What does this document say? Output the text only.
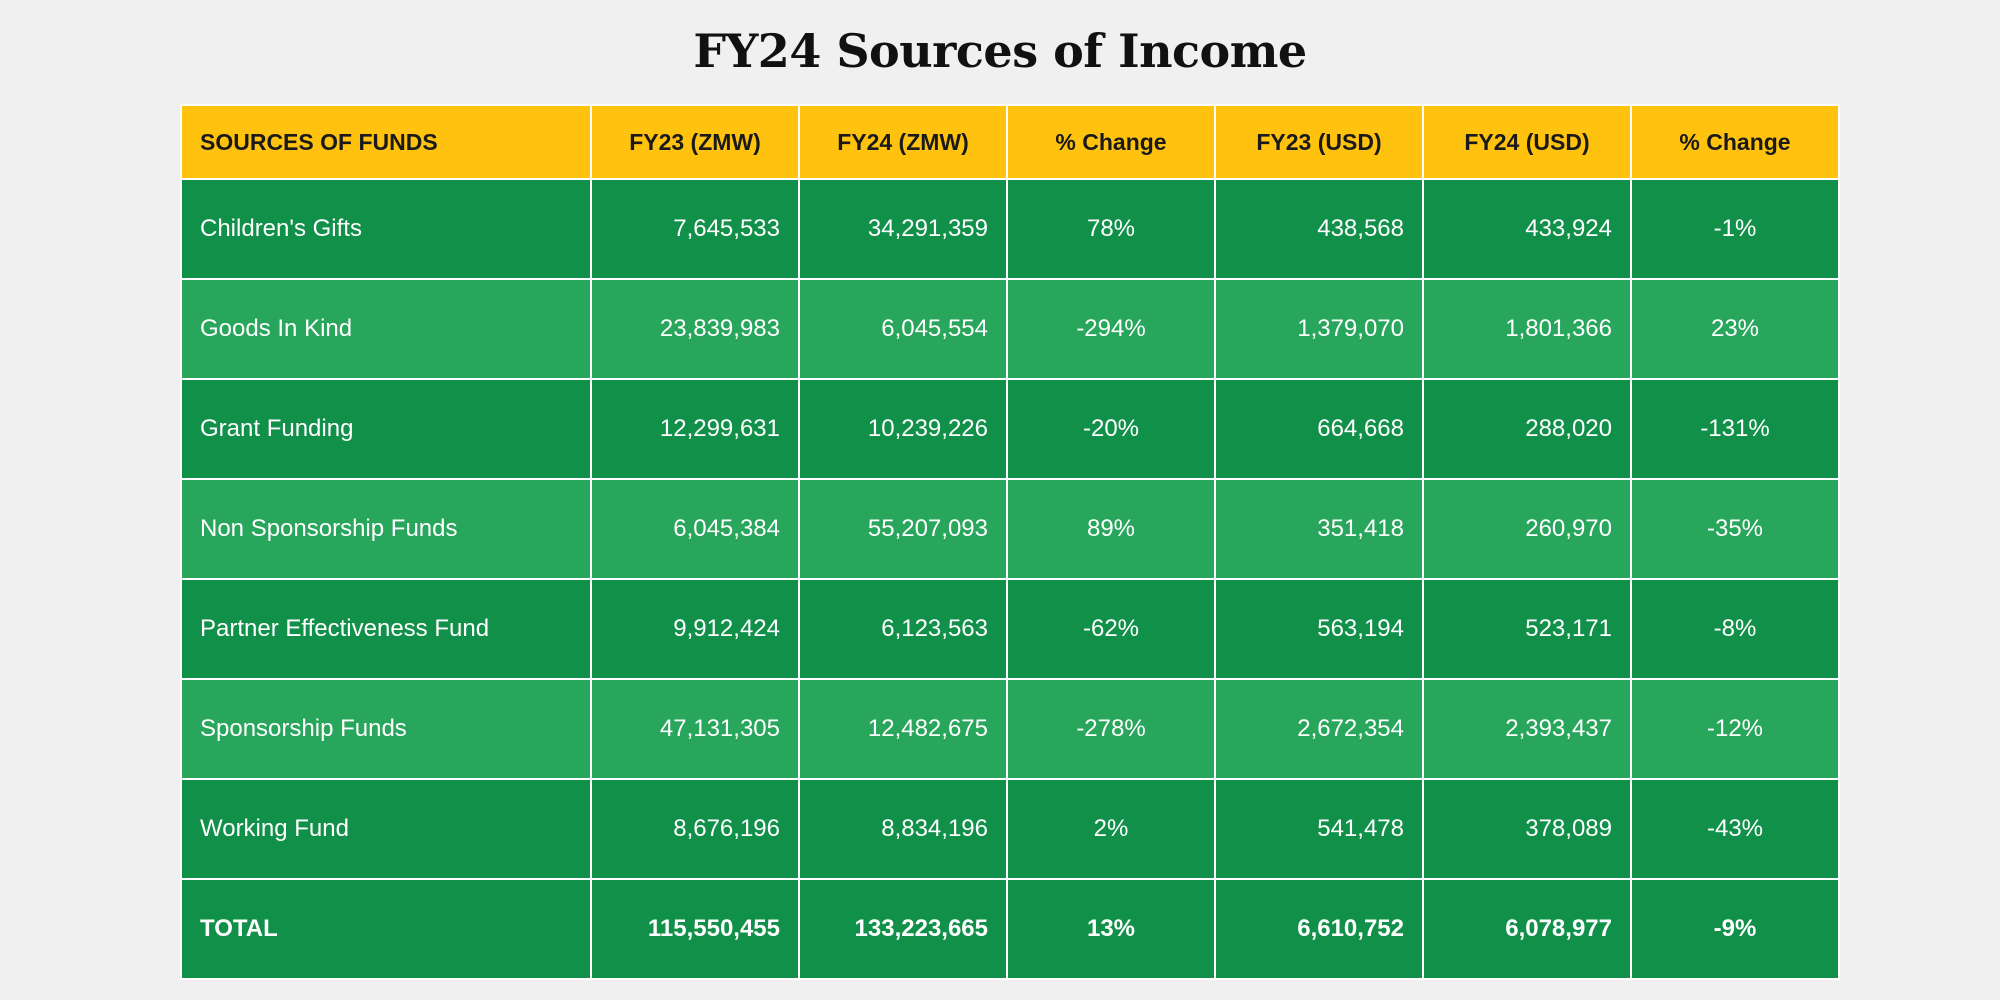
FY24 Sources of Income
SOURCES OF FUNDS	FY23 (ZMW)	FY24 (ZMW)	% Change	FY23 (USD)	FY24 (USD)	% Change
Children's Gifts	7,645,533	34,291,359	78%	438,568	433,924	-1%
Goods In Kind	23,839,983	6,045,554	-294%	1,379,070	1,801,366	23%
Grant Funding	12,299,631	10,239,226	-20%	664,668	288,020	-131%
Non Sponsorship Funds	6,045,384	55,207,093	89%	351,418	260,970	-35%
Partner Effectiveness Fund	9,912,424	6,123,563	-62%	563,194	523,171	-8%
Sponsorship Funds	47,131,305	12,482,675	-278%	2,672,354	2,393,437	-12%
Working Fund	8,676,196	8,834,196	2%	541,478	378,089	-43%
TOTAL	115,550,455	133,223,665	13%	6,610,752	6,078,977	-9%
